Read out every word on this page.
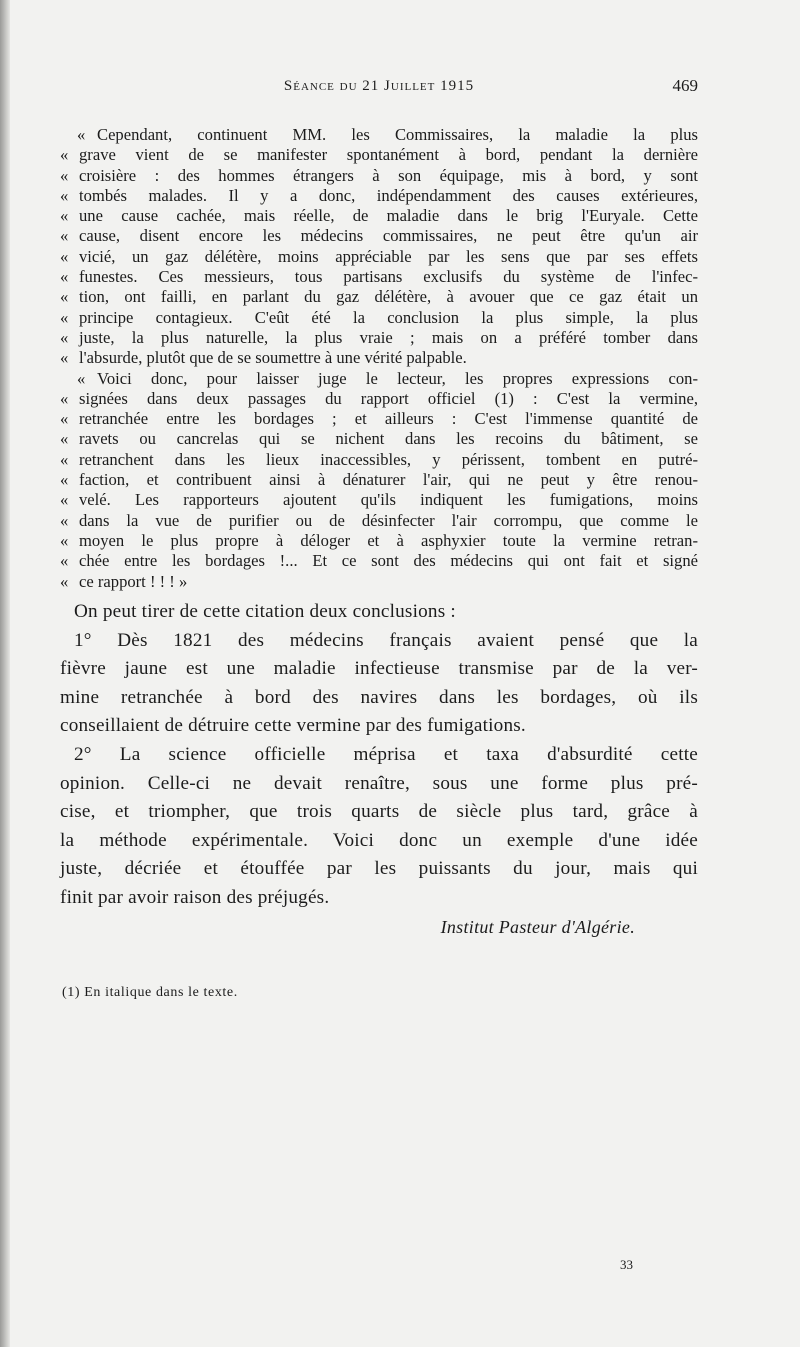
Séance du 21 Juillet 1915	469
« Cependant, continuent MM. les Commissaires, la maladie la plus
« grave vient de se manifester spontanément à bord, pendant la dernière
« croisière : des hommes étrangers à son équipage, mis à bord, y sont
« tombés malades. Il y a donc, indépendamment des causes extérieures,
« une cause cachée, mais réelle, de maladie dans le brig l'Euryale. Cette
« cause, disent encore les médecins commissaires, ne peut être qu'un air
« vicié, un gaz délétère, moins appréciable par les sens que par ses effets
« funestes. Ces messieurs, tous partisans exclusifs du système de l'infec-
« tion, ont failli, en parlant du gaz délétère, à avouer que ce gaz était un
« principe contagieux. C'eût été la conclusion la plus simple, la plus
« juste, la plus naturelle, la plus vraie ; mais on a préféré tomber dans
« l'absurde, plutôt que de se soumettre à une vérité palpable.
« Voici donc, pour laisser juge le lecteur, les propres expressions con-
« signées dans deux passages du rapport officiel (1) : C'est la vermine,
« retranchée entre les bordages ; et ailleurs : C'est l'immense quantité de
« ravets ou cancrelas qui se nichent dans les recoins du bâtiment, se
« retranchent dans les lieux inaccessibles, y périssent, tombent en putré-
« faction, et contribuent ainsi à dénaturer l'air, qui ne peut y être renou-
« velé. Les rapporteurs ajoutent qu'ils indiquent les fumigations, moins
« dans la vue de purifier ou de désinfecter l'air corrompu, que comme le
« moyen le plus propre à déloger et à asphyxier toute la vermine retran-
« chée entre les bordages !... Et ce sont des médecins qui ont fait et signé
« ce rapport ! ! ! »
On peut tirer de cette citation deux conclusions :
1° Dès 1821 des médecins français avaient pensé que la
fièvre jaune est une maladie infectieuse transmise par de la ver-
mine retranchée à bord des navires dans les bordages, où ils
conseillaient de détruire cette vermine par des fumigations.
2° La science officielle méprisa et taxa d'absurdité cette
opinion. Celle-ci ne devait renaître, sous une forme plus pré-
cise, et triompher, que trois quarts de siècle plus tard, grâce à
la méthode expérimentale. Voici donc un exemple d'une idée
juste, décriée et étouffée par les puissants du jour, mais qui
finit par avoir raison des préjugés.
Institut Pasteur d'Algérie.
(1) En italique dans le texte.
33
